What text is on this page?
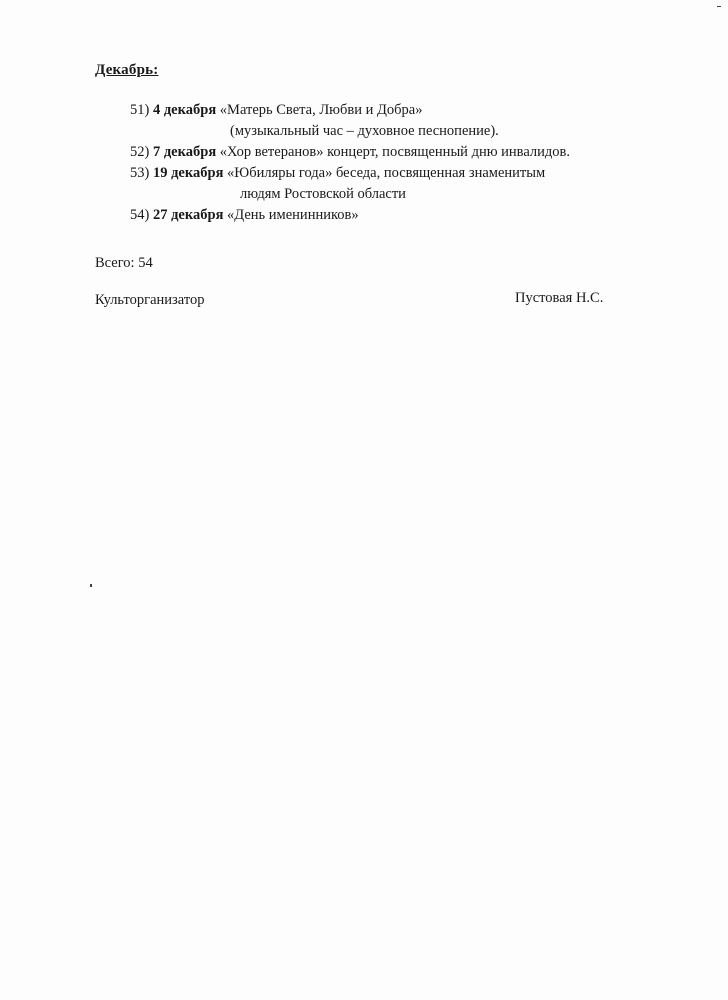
Декабрь:
51) 4 декабря «Матерь Света, Любви и Добра»
(музыкальный час – духовное песнопение).
52) 7 декабря «Хор ветеранов» концерт, посвященный дню инвалидов.
53) 19 декабря «Юбиляры года» беседа, посвященная знаменитым
людям Ростовской области
54) 27 декабря «День именинников»
Всего: 54
Культорганизатор	Пустовая Н.С.
